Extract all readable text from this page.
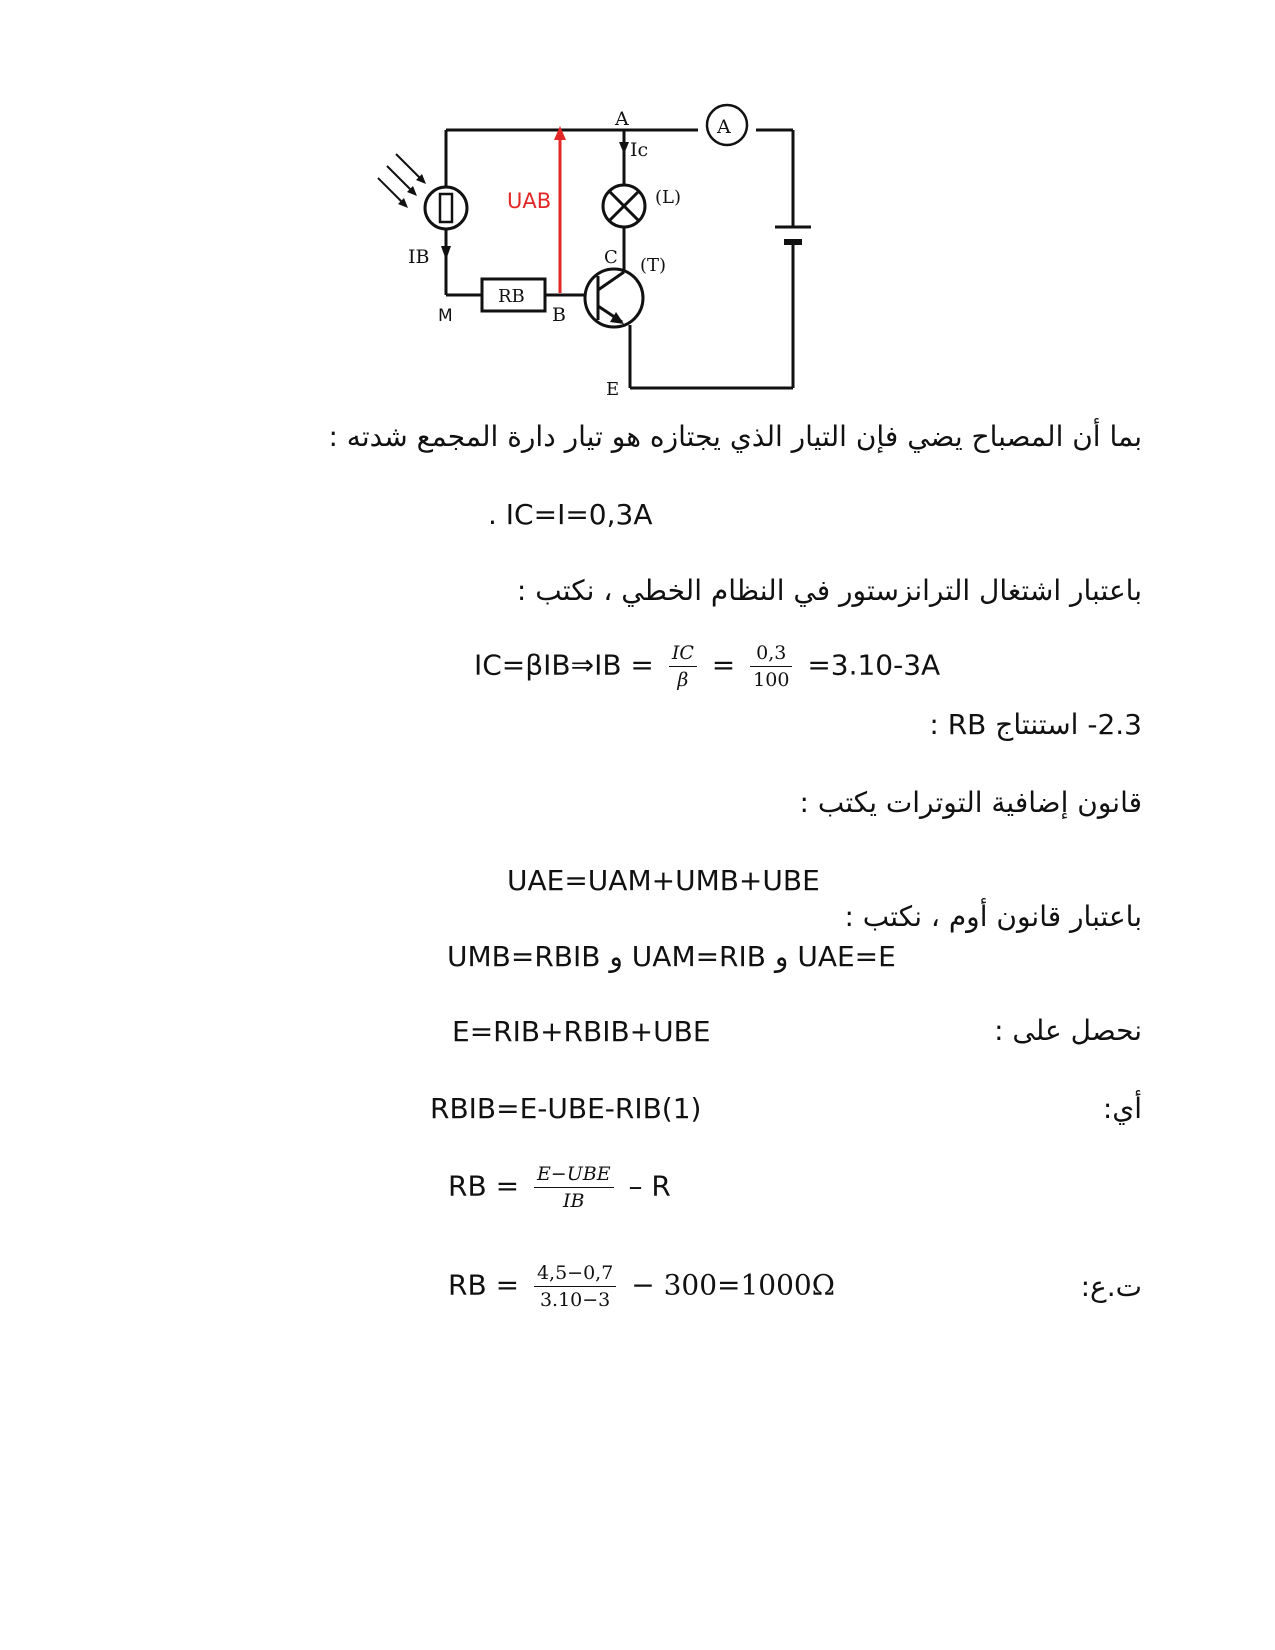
A
(L)
Ic
A
IB
M
RB
B
C (T)
E
UAB
بما أن المصباح يضي فإن التيار الذي يجتازه هو تيار دارة المجمع شدته :
. IC=I=0,3A
باعتبار اشتغال الترانزستور في النظام الخطي ، نكتب :
IC=βIB⇒IB = $\frac{IC}{\beta} = \frac{0,3}{100} =3.10-3A$
2.3- استنتاج RB :
قانون إضافية التوترات يكتب :
UAE=UAM+UMB+UBE
باعتبار قانون أوم ، نكتب :
UMB=RBIB و UAM=RIB و UAE=E
E=RIB+RBIB+UBE	نحصل على :
RBIB=E-UBE-RIB(1)	أي:
RB = $\frac{\text{E−UBE}}{IB}$ – R
RB = $\frac{4,5-0,7}{3.10-3} - 300=1000\Omega$	ت.ع:
